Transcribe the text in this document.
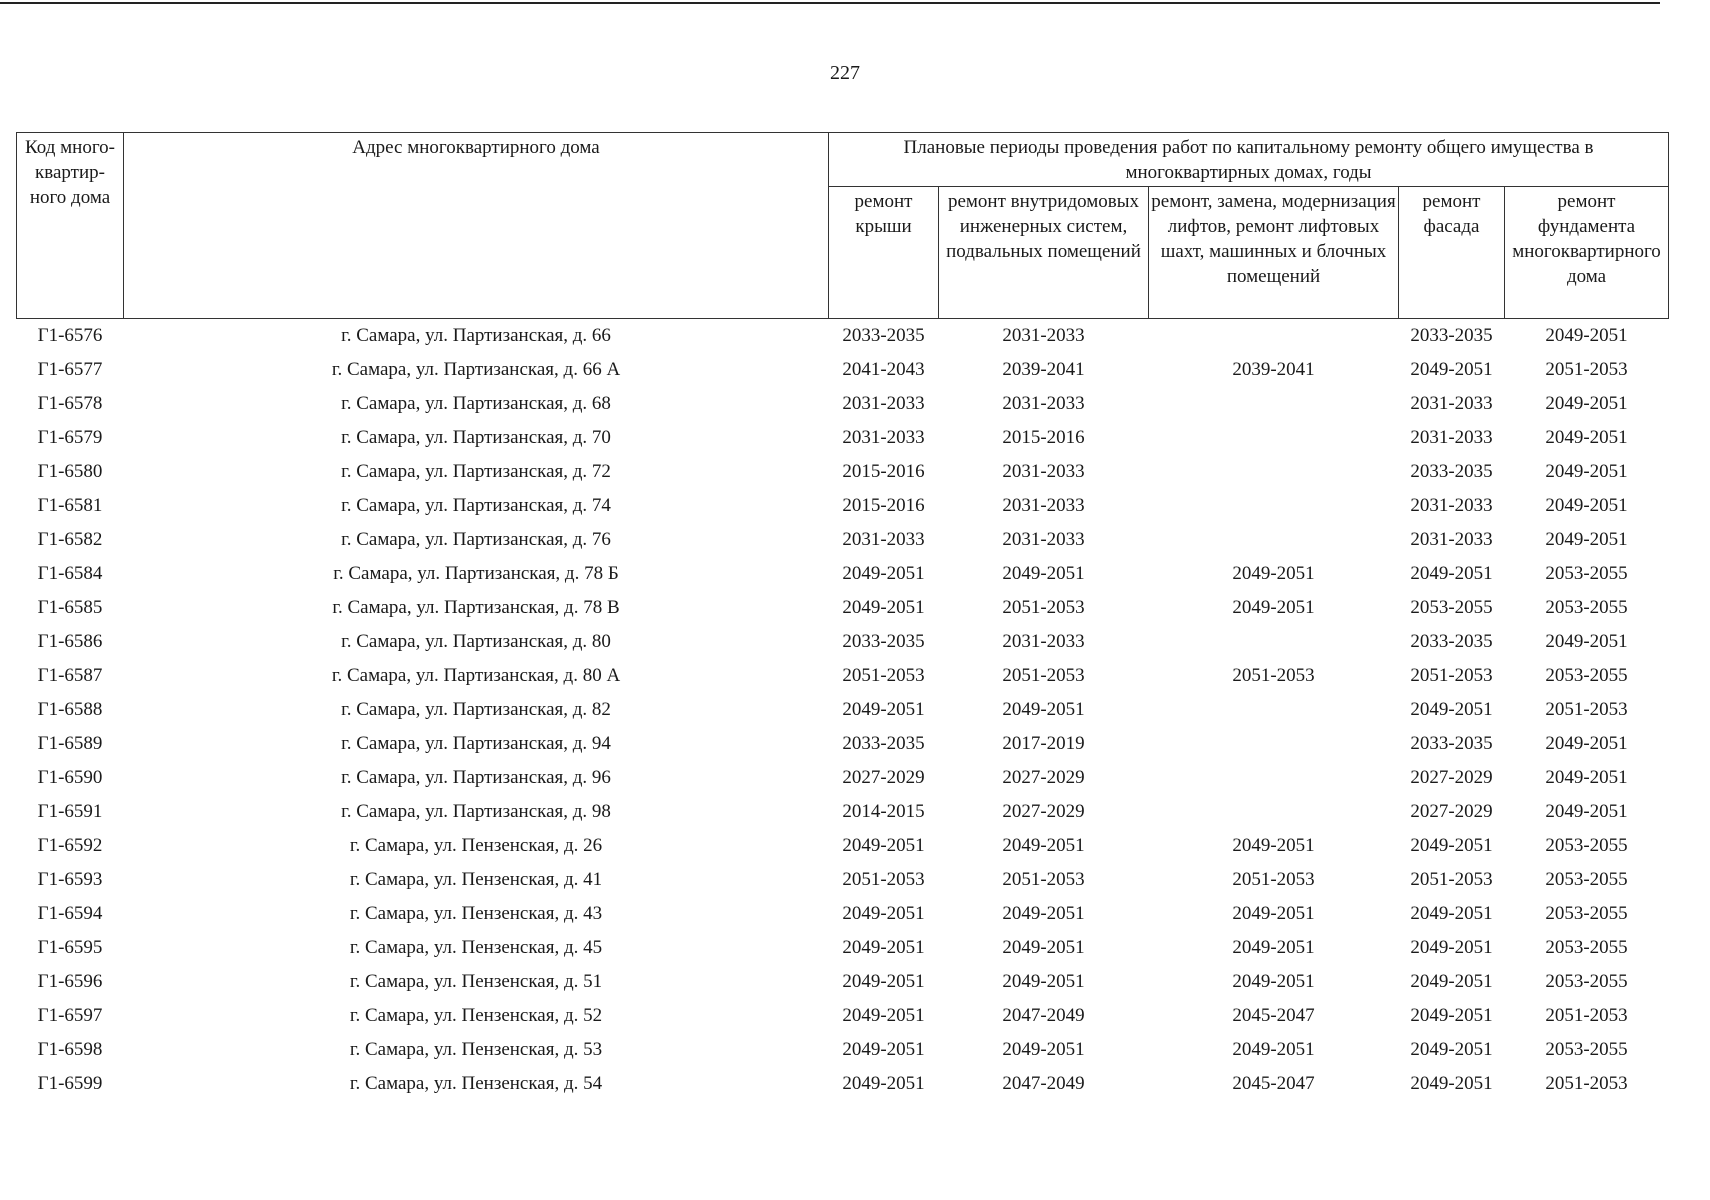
227
Код много-квартир-ного дома	Адрес многоквартирного дома	Плановые периоды проведения работ по капитальному ремонту общего имущества в многоквартирных домах, годы				
		ремонт крыши	ремонт внутридомовых инженерных систем, подвальных помещений	ремонт, замена, модернизация лифтов, ремонт лифтовых шахт, машинных и блочных помещений	ремонт фасада	ремонт фундамента многоквартирного дома
Г1-6576	г. Самара, ул. Партизанская, д. 66	2033-2035	2031-2033		2033-2035	2049-2051
Г1-6577	г. Самара, ул. Партизанская, д. 66 А	2041-2043	2039-2041	2039-2041	2049-2051	2051-2053
Г1-6578	г. Самара, ул. Партизанская, д. 68	2031-2033	2031-2033		2031-2033	2049-2051
Г1-6579	г. Самара, ул. Партизанская, д. 70	2031-2033	2015-2016		2031-2033	2049-2051
Г1-6580	г. Самара, ул. Партизанская, д. 72	2015-2016	2031-2033		2033-2035	2049-2051
Г1-6581	г. Самара, ул. Партизанская, д. 74	2015-2016	2031-2033		2031-2033	2049-2051
Г1-6582	г. Самара, ул. Партизанская, д. 76	2031-2033	2031-2033		2031-2033	2049-2051
Г1-6584	г. Самара, ул. Партизанская, д. 78 Б	2049-2051	2049-2051	2049-2051	2049-2051	2053-2055
Г1-6585	г. Самара, ул. Партизанская, д. 78 В	2049-2051	2051-2053	2049-2051	2053-2055	2053-2055
Г1-6586	г. Самара, ул. Партизанская, д. 80	2033-2035	2031-2033		2033-2035	2049-2051
Г1-6587	г. Самара, ул. Партизанская, д. 80 А	2051-2053	2051-2053	2051-2053	2051-2053	2053-2055
Г1-6588	г. Самара, ул. Партизанская, д. 82	2049-2051	2049-2051		2049-2051	2051-2053
Г1-6589	г. Самара, ул. Партизанская, д. 94	2033-2035	2017-2019		2033-2035	2049-2051
Г1-6590	г. Самара, ул. Партизанская, д. 96	2027-2029	2027-2029		2027-2029	2049-2051
Г1-6591	г. Самара, ул. Партизанская, д. 98	2014-2015	2027-2029		2027-2029	2049-2051
Г1-6592	г. Самара, ул. Пензенская, д. 26	2049-2051	2049-2051	2049-2051	2049-2051	2053-2055
Г1-6593	г. Самара, ул. Пензенская, д. 41	2051-2053	2051-2053	2051-2053	2051-2053	2053-2055
Г1-6594	г. Самара, ул. Пензенская, д. 43	2049-2051	2049-2051	2049-2051	2049-2051	2053-2055
Г1-6595	г. Самара, ул. Пензенская, д. 45	2049-2051	2049-2051	2049-2051	2049-2051	2053-2055
Г1-6596	г. Самара, ул. Пензенская, д. 51	2049-2051	2049-2051	2049-2051	2049-2051	2053-2055
Г1-6597	г. Самара, ул. Пензенская, д. 52	2049-2051	2047-2049	2045-2047	2049-2051	2051-2053
Г1-6598	г. Самара, ул. Пензенская, д. 53	2049-2051	2049-2051	2049-2051	2049-2051	2053-2055
Г1-6599	г. Самара, ул. Пензенская, д. 54	2049-2051	2047-2049	2045-2047	2049-2051	2051-2053
